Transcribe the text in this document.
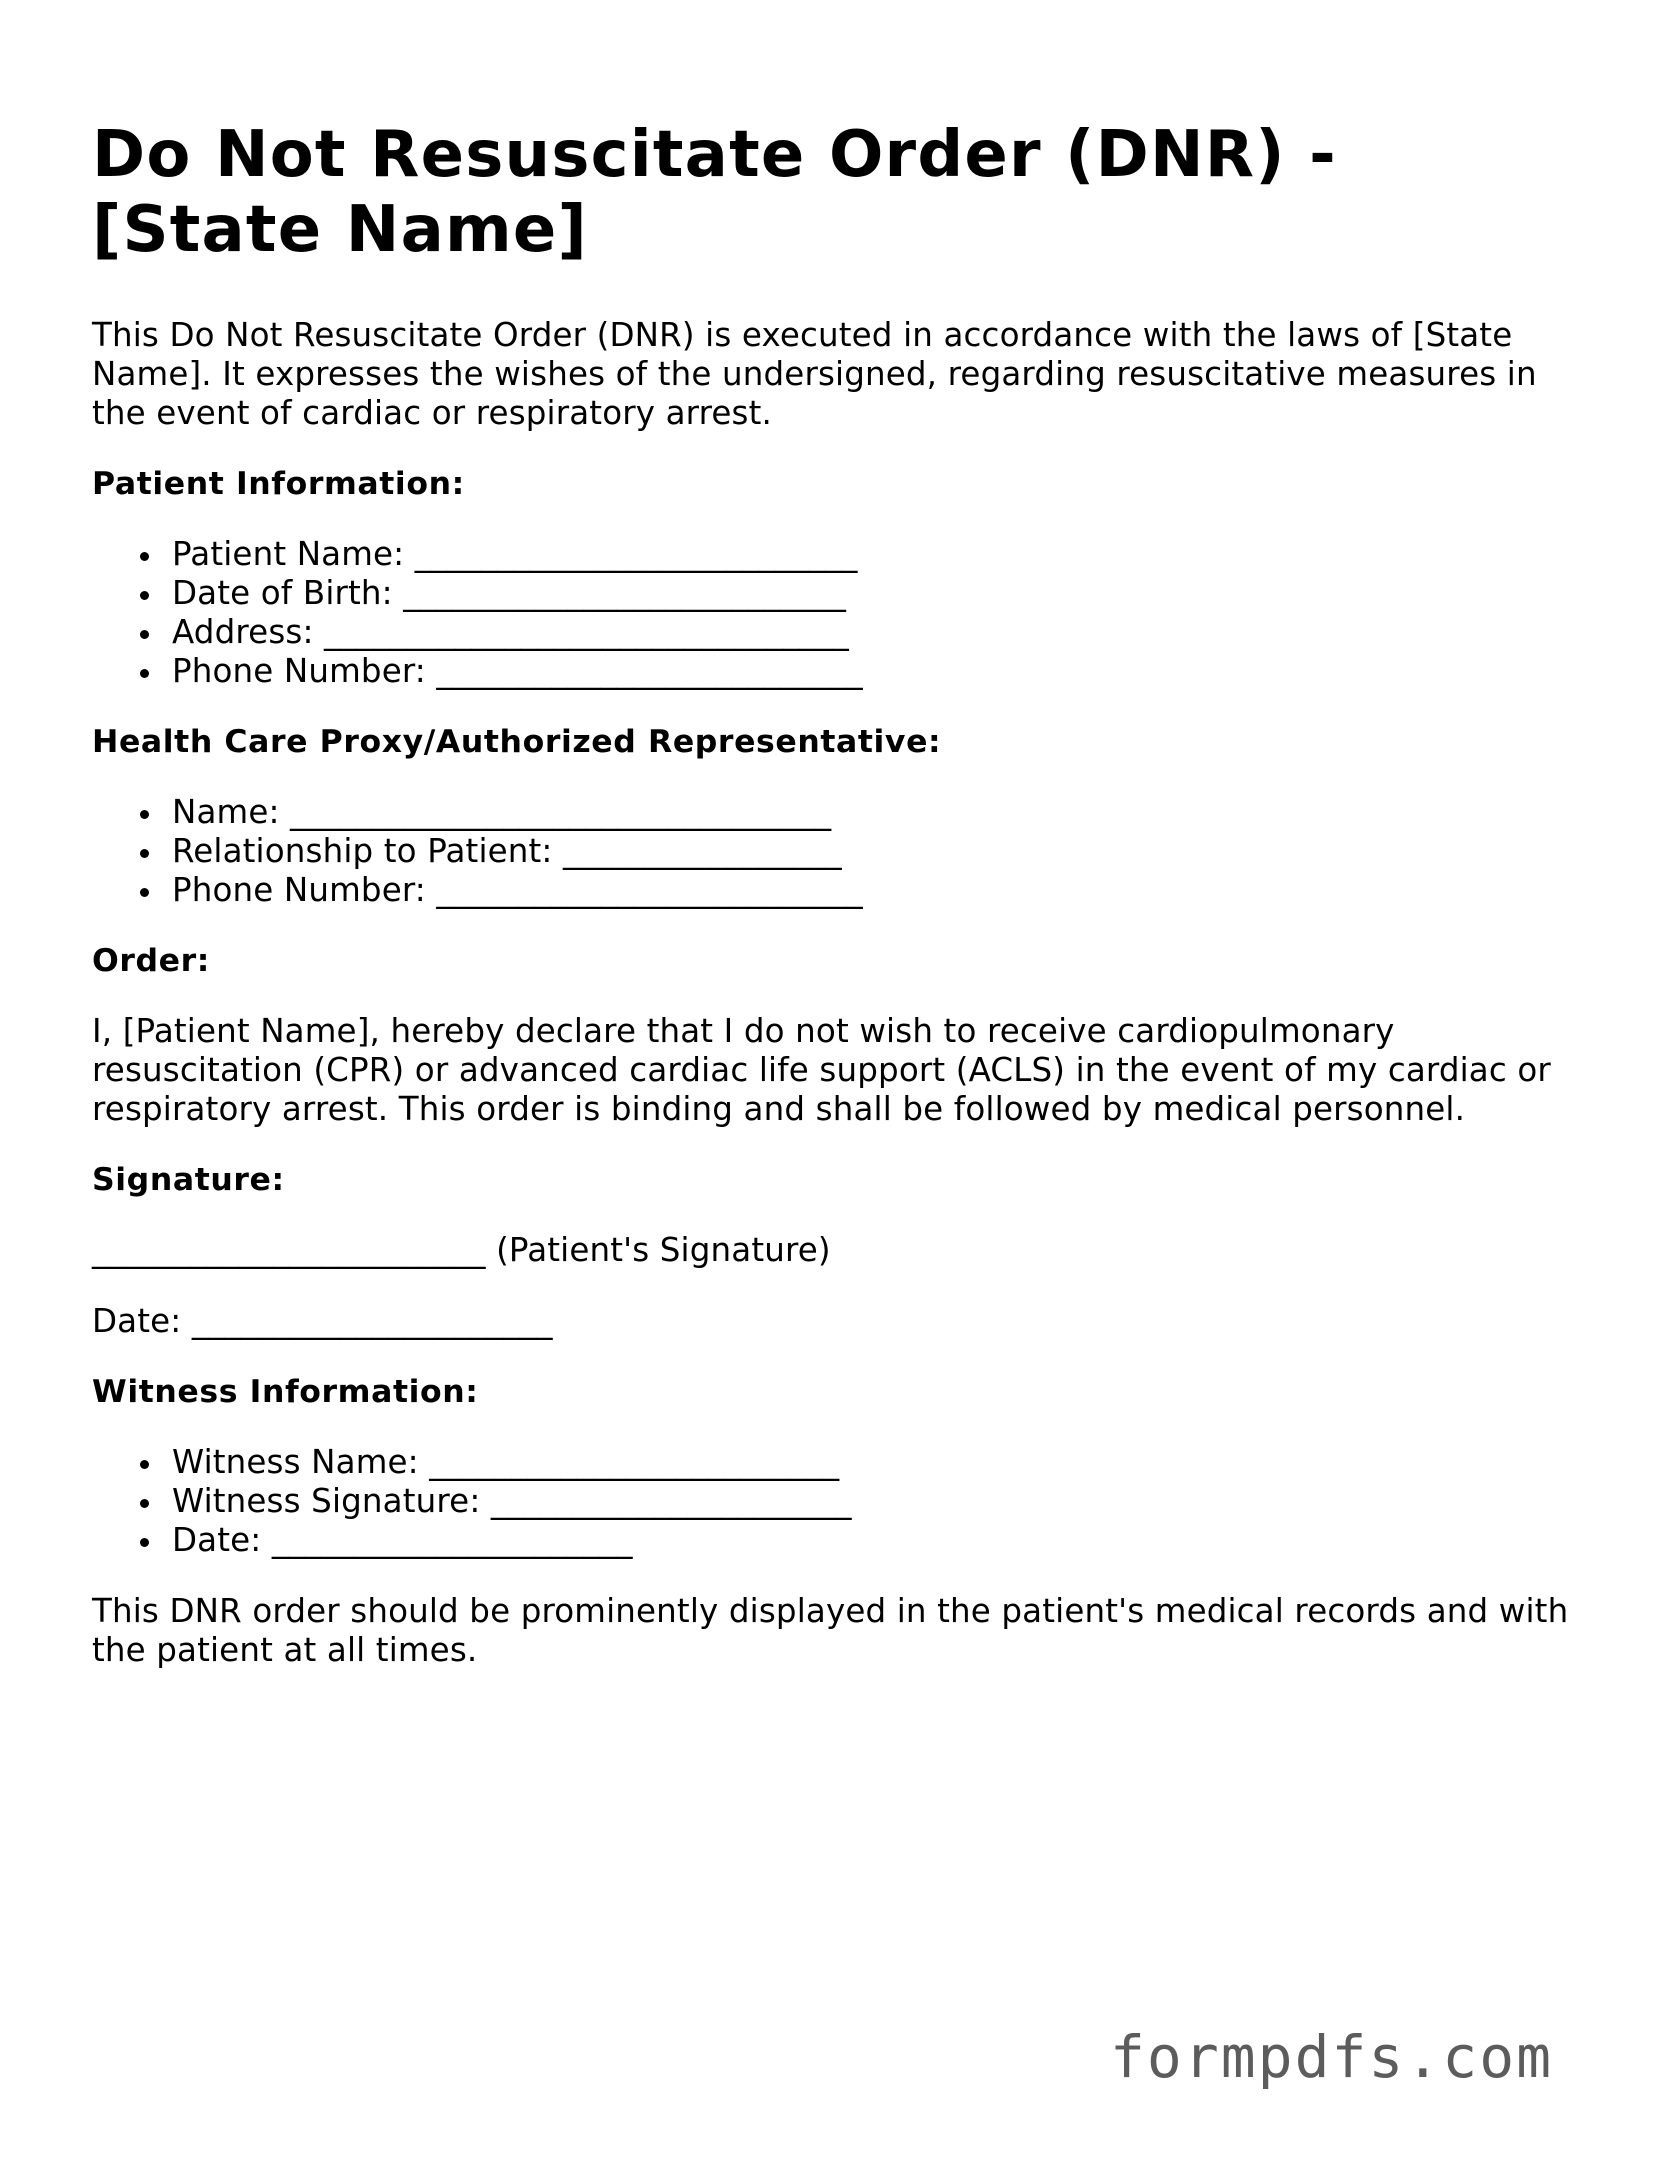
Do Not Resuscitate Order (DNR) - [State Name]

This Do Not Resuscitate Order (DNR) is executed in accordance with the laws of [State Name]. It expresses the wishes of the undersigned, regarding resuscitative measures in the event of cardiac or respiratory arrest.

Patient Information:
Patient Name: ___________________________
Date of Birth: ___________________________
Address: ________________________________
Phone Number: __________________________
Health Care Proxy/Authorized Representative:
Name: _________________________________
Relationship to Patient: _________________
Phone Number: __________________________
Order:

I, [Patient Name], hereby declare that I do not wish to receive cardiopulmonary resuscitation (CPR) or advanced cardiac life support (ACLS) in the event of my cardiac or respiratory arrest. This order is binding and shall be followed by medical personnel.

Signature:

________________________ (Patient's Signature)

Date: ______________________

Witness Information:
Witness Name: _________________________
Witness Signature: ______________________
Date: ______________________

This DNR order should be prominently displayed in the patient's medical records and with the patient at all times.

formpdfs.com
